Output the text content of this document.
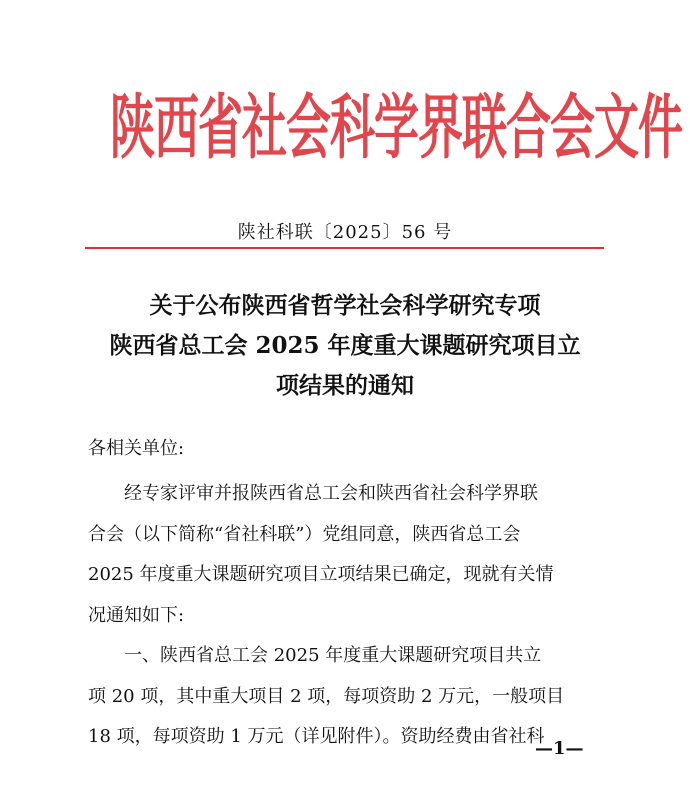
陕西省社会科学界联合会文件
陕社科联〔2025〕56 号
关于公布陕西省哲学社会科学研究专项
陕西省总工会 2025 年度重大课题研究项目立
项结果的通知
各相关单位:
经专家评审并报陕西省总工会和陕西省社会科学界联
合会（以下简称“省社科联”）党组同意，陕西省总工会
2025 年度重大课题研究项目立项结果已确定，现就有关情
况通知如下:
一、陕西省总工会 2025 年度重大课题研究项目共立
项 20 项，其中重大项目 2 项，每项资助 2 万元，一般项目
18 项，每项资助 1 万元（详见附件）。资助经费由省社科
—1—
